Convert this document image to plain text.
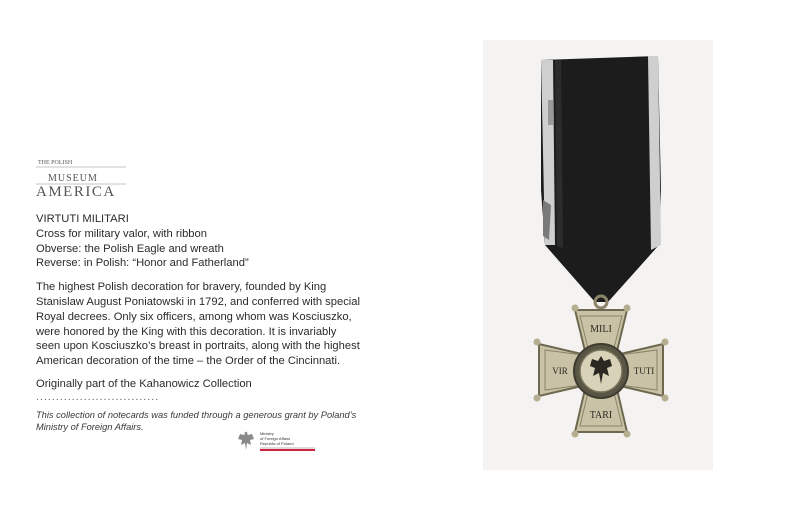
THE POLISH
MUSEUM
AMERICA
VIRTUTI MILITARI
Cross for military valor, with ribbon
Obverse: the Polish Eagle and wreath
Reverse: in Polish: “Honor and Fatherland”
The highest Polish decoration for bravery, founded by King Stanislaw August Poniatowski in 1792, and conferred with special Royal decrees. Only six officers, among whom was Kosciuszko, were honored by the King with this decoration. It is invariably seen upon Kosciuszko’s breast in portraits, along with the highest American decoration of the time – the Order of the Cincinnati.
Originally part of the Kahanowicz Collection
...............................
This collection of notecards was funded through a generous grant by Poland’s Ministry of Foreign Affairs.
Ministry
of Foreign Affairs
Republic of Poland
MILI
VIR	TUTI
TARI
